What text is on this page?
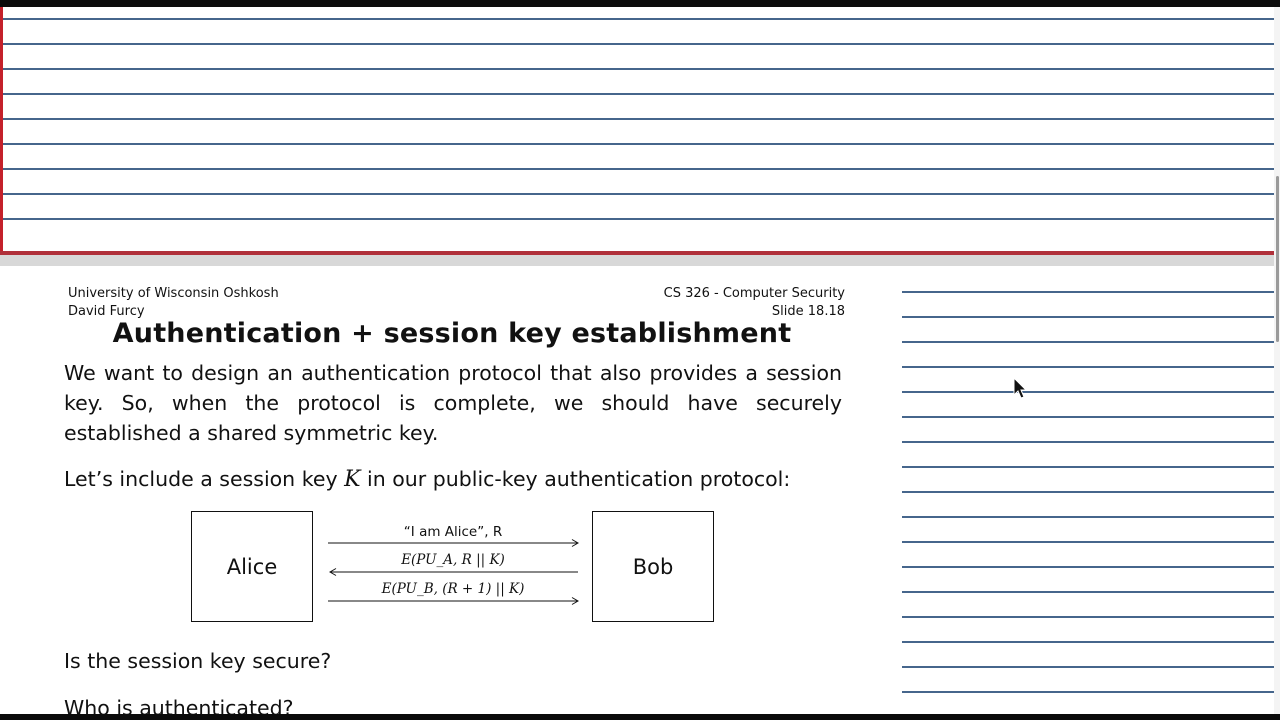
University of Wisconsin Oshkosh
David Furcy
CS 326 - Computer Security
Slide 18.18
Authentication + session key establishment
We want to design an authentication protocol that also provides a session key. So, when the protocol is complete, we should have securely established a shared symmetric key.
Let’s include a session key K in our public-key authentication protocol:
Alice	Bob
“I am Alice”, R
E(PU_A, R || K)
E(PU_B, (R + 1) || K)
Is the session key secure?
Who is authenticated?
